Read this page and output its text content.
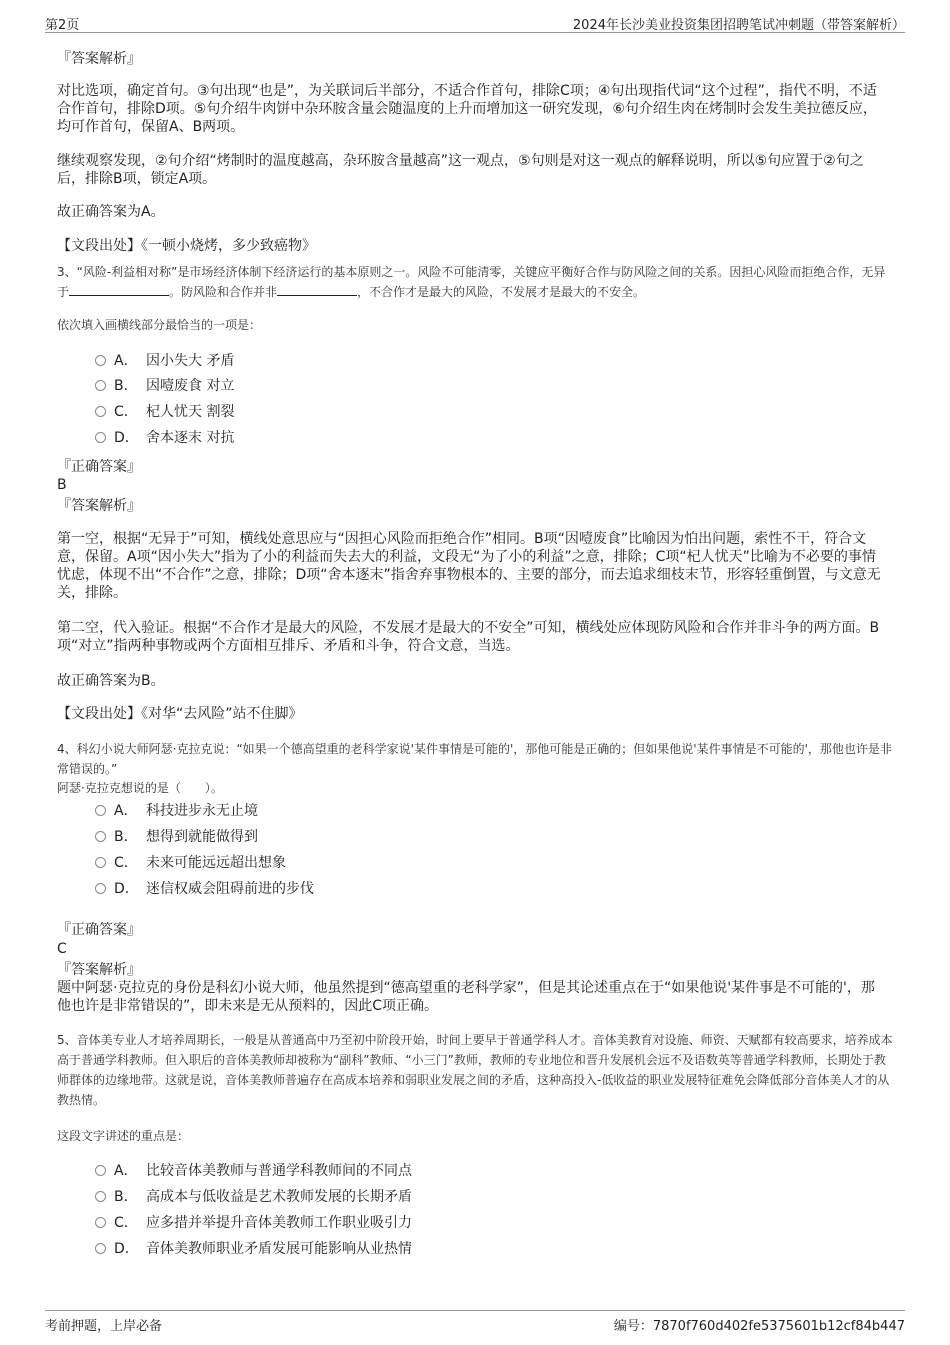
第2页	2024年长沙美业投资集团招聘笔试冲刺题（带答案解析）
『答案解析』

对比选项，确定首句。③句出现“也是”，为关联词后半部分，不适合作首句，排除C项；④句出现指代词“这个过程”，指代不明，不适合作首句，排除D项。⑤句介绍牛肉饼中杂环胺含量会随温度的上升而增加这一研究发现，⑥句介绍生肉在烤制时会发生美拉德反应，均可作首句，保留A、B两项。

继续观察发现，②句介绍“烤制时的温度越高，杂环胺含量越高”这一观点，⑤句则是对这一观点的解释说明，所以⑤句应置于②句之后，排除B项，锁定A项。

故正确答案为A。

【文段出处】《一顿小烧烤，多少致癌物》

3、“风险-利益相对称”是市场经济体制下经济运行的基本原则之一。风险不可能清零，关键应平衡好合作与防风险之间的关系。因担心风险而拒绝合作，无异于	。防风险和合作并非	，不合作才是最大的风险，不发展才是最大的不安全。

依次填入画横线部分最恰当的一项是：

A． 因小失大 矛盾
B． 因噎废食 对立
C． 杞人忧天 割裂
D． 舍本逐末 对抗
『正确答案』
B
『答案解析』

第一空，根据“无异于”可知，横线处意思应与“因担心风险而拒绝合作”相同。B项“因噎废食”比喻因为怕出问题，索性不干，符合文意，保留。A项“因小失大”指为了小的利益而失去大的利益，文段无“为了小的利益”之意，排除；C项“杞人忧天”比喻为不必要的事情忧虑，体现不出“不合作”之意，排除；D项“舍本逐末”指舍弃事物根本的、主要的部分，而去追求细枝末节，形容轻重倒置，与文意无关，排除。

第二空，代入验证。根据“不合作才是最大的风险，不发展才是最大的不安全”可知，横线处应体现防风险和合作并非斗争的两方面。B项“对立”指两种事物或两个方面相互排斥、矛盾和斗争，符合文意，当选。

故正确答案为B。

【文段出处】《对华“去风险”站不住脚》

4、科幻小说大师阿瑟·克拉克说：“如果一个德高望重的老科学家说'某件事情是可能的'，那他可能是正确的；但如果他说'某件事情是不可能的'，那他也许是非常错误的。”

阿瑟·克拉克想说的是（　　）。

A． 科技进步永无止境
B． 想得到就能做得到
C． 未来可能远远超出想象
D． 迷信权威会阻碍前进的步伐
『正确答案』
C
『答案解析』

题中阿瑟·克拉克的身份是科幻小说大师，他虽然提到“德高望重的老科学家”，但是其论述重点在于“如果他说'某件事是不可能的'，那他也许是非常错误的”，即未来是无从预料的，因此C项正确。

5、音体美专业人才培养周期长，一般是从普通高中乃至初中阶段开始，时间上要早于普通学科人才。音体美教育对设施、师资、天赋都有较高要求，培养成本高于普通学科教师。但入职后的音体美教师却被称为“副科”教师、“小三门”教师，教师的专业地位和晋升发展机会远不及语数英等普通学科教师，长期处于教师群体的边缘地带。这就是说，音体美教师普遍存在高成本培养和弱职业发展之间的矛盾，这种高投入-低收益的职业发展特征难免会降低部分音体美人才的从教热情。

这段文字讲述的重点是：

A． 比较音体美教师与普通学科教师间的不同点
B． 高成本与低收益是艺术教师发展的长期矛盾
C． 应多措并举提升音体美教师工作职业吸引力
D． 音体美教师职业矛盾发展可能影响从业热情
考前押题，上岸必备	编号：7870f760d402fe5375601b12cf84b447
